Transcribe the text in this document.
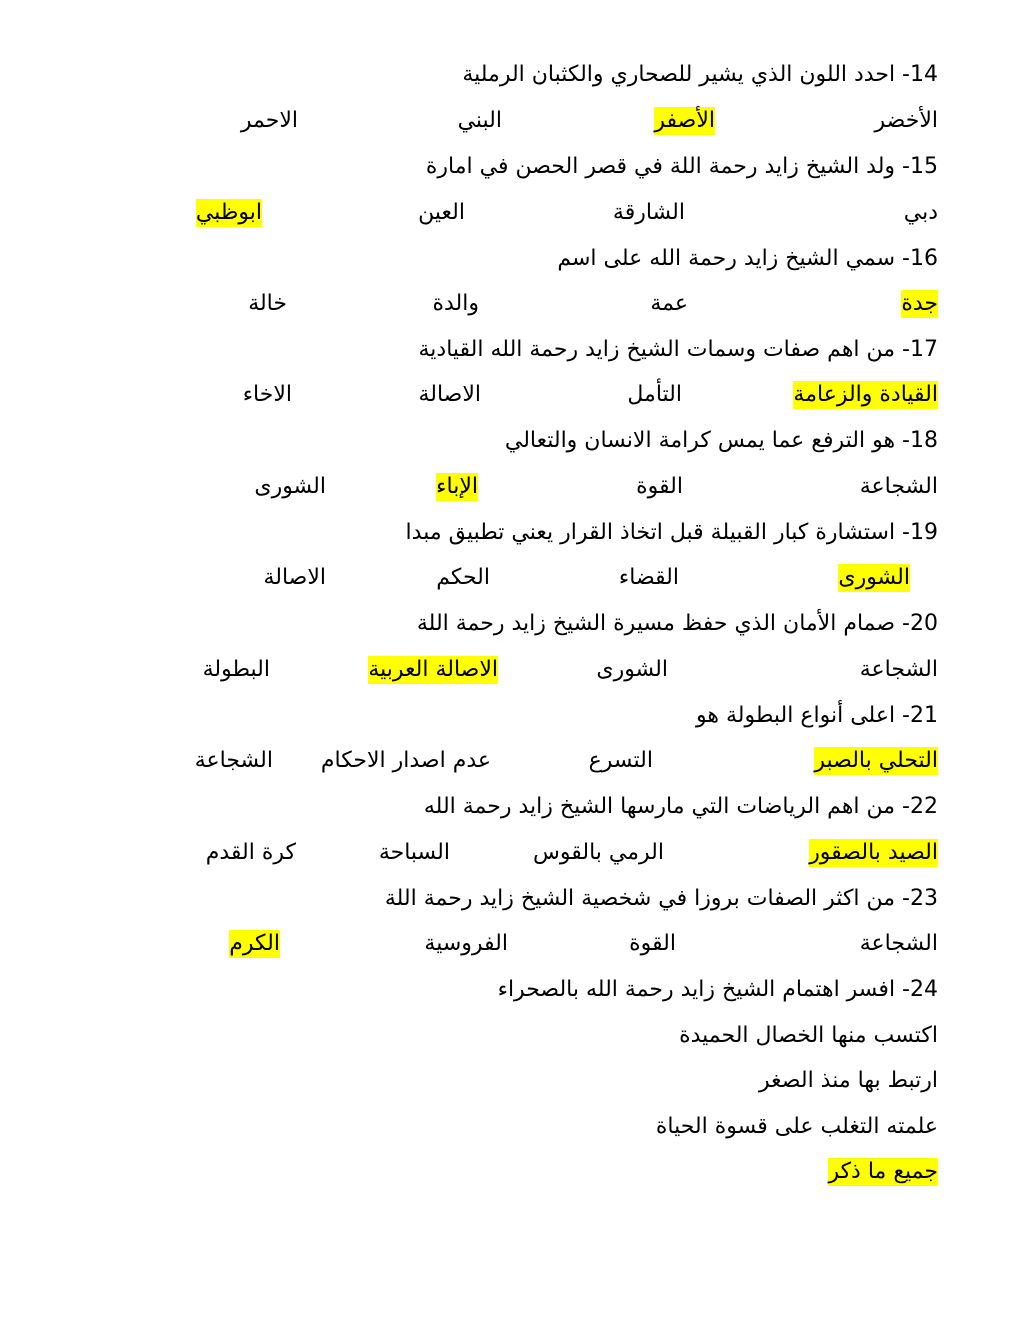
14- احدد اللون الذي يشير للصحاري والكثبان الرملية
الأخضر
الأصفر
البني
الاحمر
15- ولد الشيخ زايد رحمة اللة في قصر الحصن في امارة
دبي
الشارقة
العين
ابوظبي
16- سمي الشيخ زايد رحمة الله على اسم
جدة
عمة
والدة
خالة
17- من اهم صفات وسمات الشيخ زايد رحمة الله القيادية
القيادة والزعامة
التأمل
الاصالة
الاخاء
18- هو الترفع عما يمس كرامة الانسان والتعالي
الشجاعة
القوة
الإباء
الشورى
19- استشارة كبار القبيلة قبل اتخاذ القرار يعني تطبيق مبدا
الشورى
القضاء
الحكم
الاصالة
20- صمام الأمان الذي حفظ مسيرة الشيخ زايد رحمة اللة
الشجاعة
الشورى
الاصالة العربية
البطولة
21- اعلى أنواع البطولة هو
التحلي بالصبر
التسرع
عدم اصدار الاحكام
الشجاعة
22- من اهم الرياضات التي مارسها الشيخ زايد رحمة الله
الصيد بالصقور
الرمي بالقوس
السباحة
كرة القدم
23- من اكثر الصفات بروزا في شخصية الشيخ زايد رحمة اللة
الشجاعة
القوة
الفروسية
الكرم
24- افسر اهتمام الشيخ زايد رحمة الله بالصحراء
اكتسب منها الخصال الحميدة
ارتبط بها منذ الصغر
علمته التغلب على قسوة الحياة
جميع ما ذكر
